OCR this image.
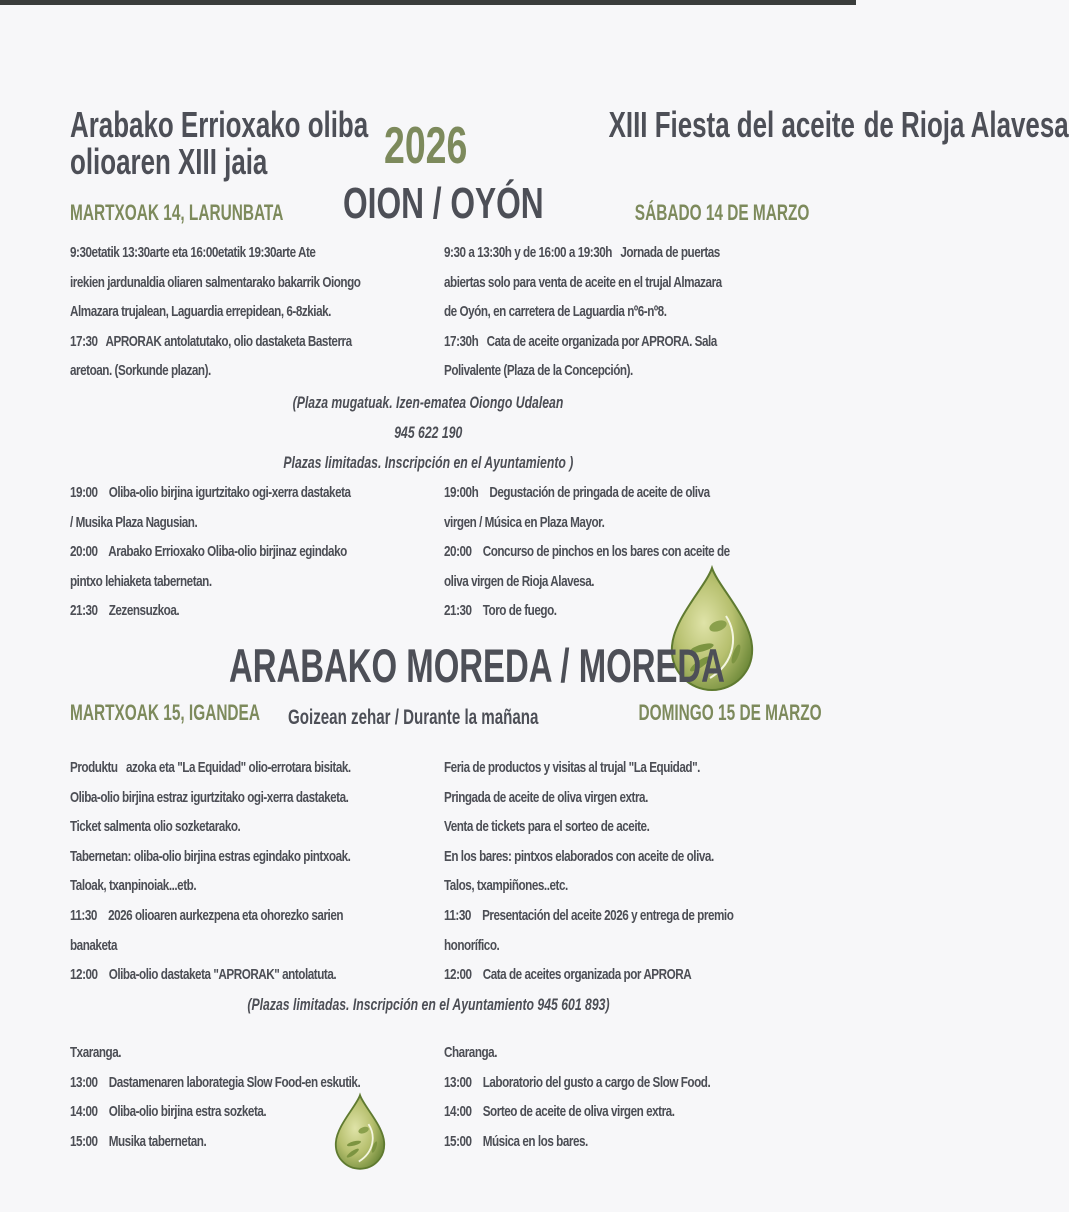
Arabako Errioxako oliba
olioaren XIII jaia	2026
OION / OYÓN
XIII Fiesta del aceite de Rioja Alavesa
MARTXOAK 14, LARUNBATA	SÁBADO 14 DE MARZO

9:30etatik 13:30arte eta 16:00etatik 19:30arte Ate

irekien jardunaldia oliaren salmentarako bakarrik Oiongo

Almazara trujalean, Laguardia errepidean, 6-8zkiak.

17:30   APRORAK antolatutako, olio dastaketa Basterra

aretoan. (Sorkunde plazan).

9:30 a 13:30h y de 16:00 a 19:30h   Jornada de puertas

abiertas solo para venta de aceite en el trujal Almazara

de Oyón, en carretera de Laguardia nº6-nº8.

17:30h   Cata de aceite organizada por APRORA. Sala

Polivalente (Plaza de la Concepción).

(Plaza mugatuak. Izen-ematea Oiongo Udalean
945 622 190
Plazas limitadas. Inscripción en el Ayuntamiento )

19:00    Oliba-olio birjina igurtzitako ogi-xerra dastaketa

/ Musika Plaza Nagusian.

20:00    Arabako Errioxako Oliba-olio birjinaz egindako

pintxo lehiaketa tabernetan.

21:30    Zezensuzkoa.

19:00h    Degustación de pringada de aceite de oliva

virgen / Música en Plaza Mayor.

20:00    Concurso de pinchos en los bares con aceite de

oliva virgen de Rioja Alavesa.

21:30    Toro de fuego.

ARABAKO MOREDA / MOREDA
MARTXOAK 15, IGANDEA	Goizean zehar / Durante la mañana	DOMINGO 15 DE MARZO

Produktu   azoka eta "La Equidad" olio-errotara bisitak.

Oliba-olio birjina estraz igurtzitako ogi-xerra dastaketa.

Ticket salmenta olio sozketarako.

Tabernetan: oliba-olio birjina estras egindako pintxoak.

Taloak, txanpinoiak...etb.

11:30    2026 olioaren aurkezpena eta ohorezko sarien

banaketa

12:00    Oliba-olio dastaketa "APRORAK" antolatuta.

Feria de productos y visitas al trujal "La Equidad".

Pringada de aceite de oliva virgen extra.

Venta de tickets para el sorteo de aceite.

En los bares: pintxos elaborados con aceite de oliva.

Talos, txampiñones..etc.

11:30    Presentación del aceite 2026 y entrega de premio

honorífico.

12:00    Cata de aceites organizada por APRORA

(Plazas limitadas. Inscripción en el Ayuntamiento 945 601 893)

Txaranga.

13:00    Dastamenaren laborategia Slow Food-en eskutik.

14:00    Oliba-olio birjina estra sozketa.

15:00    Musika tabernetan.

Charanga.

13:00    Laboratorio del gusto a cargo de Slow Food.

14:00    Sorteo de aceite de oliva virgen extra.

15:00    Música en los bares.
